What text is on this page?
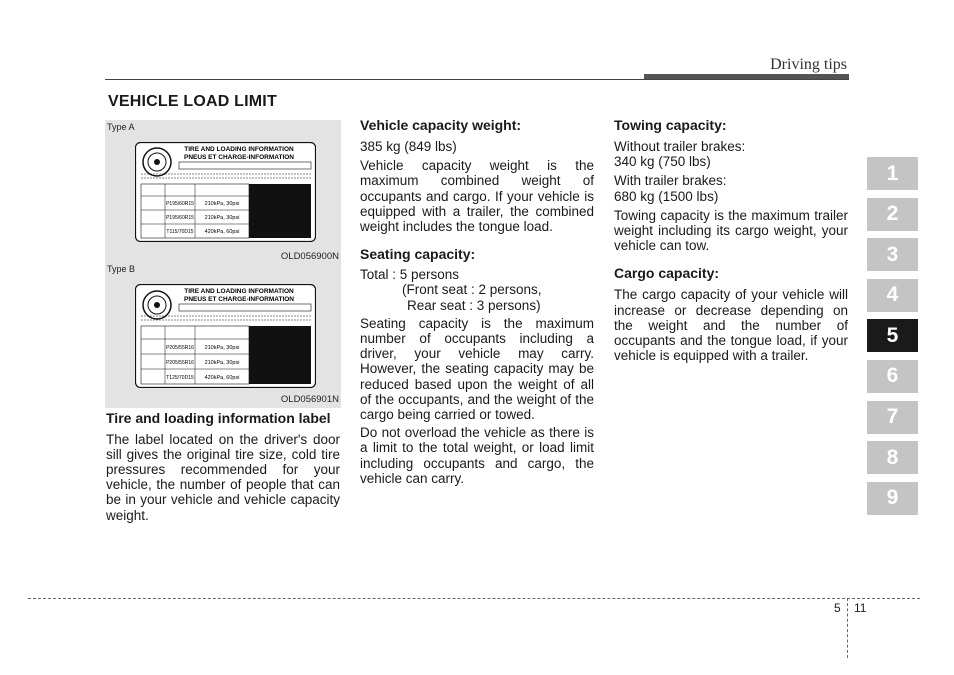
Driving tips
VEHICLE LOAD LIMIT
Type A
TIRE AND LOADING INFORMATION
PNEUS ET CHARGE-INFORMATION
P195/60R15 210kPa, 30psi
P195/60R15 210kPa, 30psi
T115/70D15 420kPa, 60psi
OLD056900N
Type B
TIRE AND LOADING INFORMATION
PNEUS ET CHARGE-INFORMATION
P205/55R16 210kPa, 30psi
P205/55R16 210kPa, 30psi
T125/70D15 420kPa, 60psi
OLD056901N
Tire and loading information label

The label located on the driver's door sill gives the original tire size, cold tire pressures recommended for your vehicle, the number of people that can be in your vehicle and vehicle capacity weight.

Vehicle capacity weight:

385 kg (849 lbs)

Vehicle capacity weight is the maximum combined weight of occupants and cargo. If your vehicle is equipped with a trailer, the combined weight includes the tongue load.

Seating capacity:

Total : 5 persons

(Front seat : 2 persons,

Rear seat : 3 persons)

Seating capacity is the maximum number of occupants including a driver, your vehicle may carry. However, the seating capacity may be reduced based upon the weight of all of the occupants, and the weight of the cargo being carried or towed.

Do not overload the vehicle as there is a limit to the total weight, or load limit including occupants and cargo, the vehicle can carry.

Towing capacity:

Without trailer brakes:

340 kg (750 lbs)

With trailer brakes:

680 kg (1500 lbs)

Towing capacity is the maximum trailer weight including its cargo weight, your vehicle can tow.

Cargo capacity:

The cargo capacity of your vehicle will increase or decrease depending on the weight and the number of occupants and the tongue load, if your vehicle is equipped with a trailer.

1
2
3
4
5
6
7
8
9
5 11
